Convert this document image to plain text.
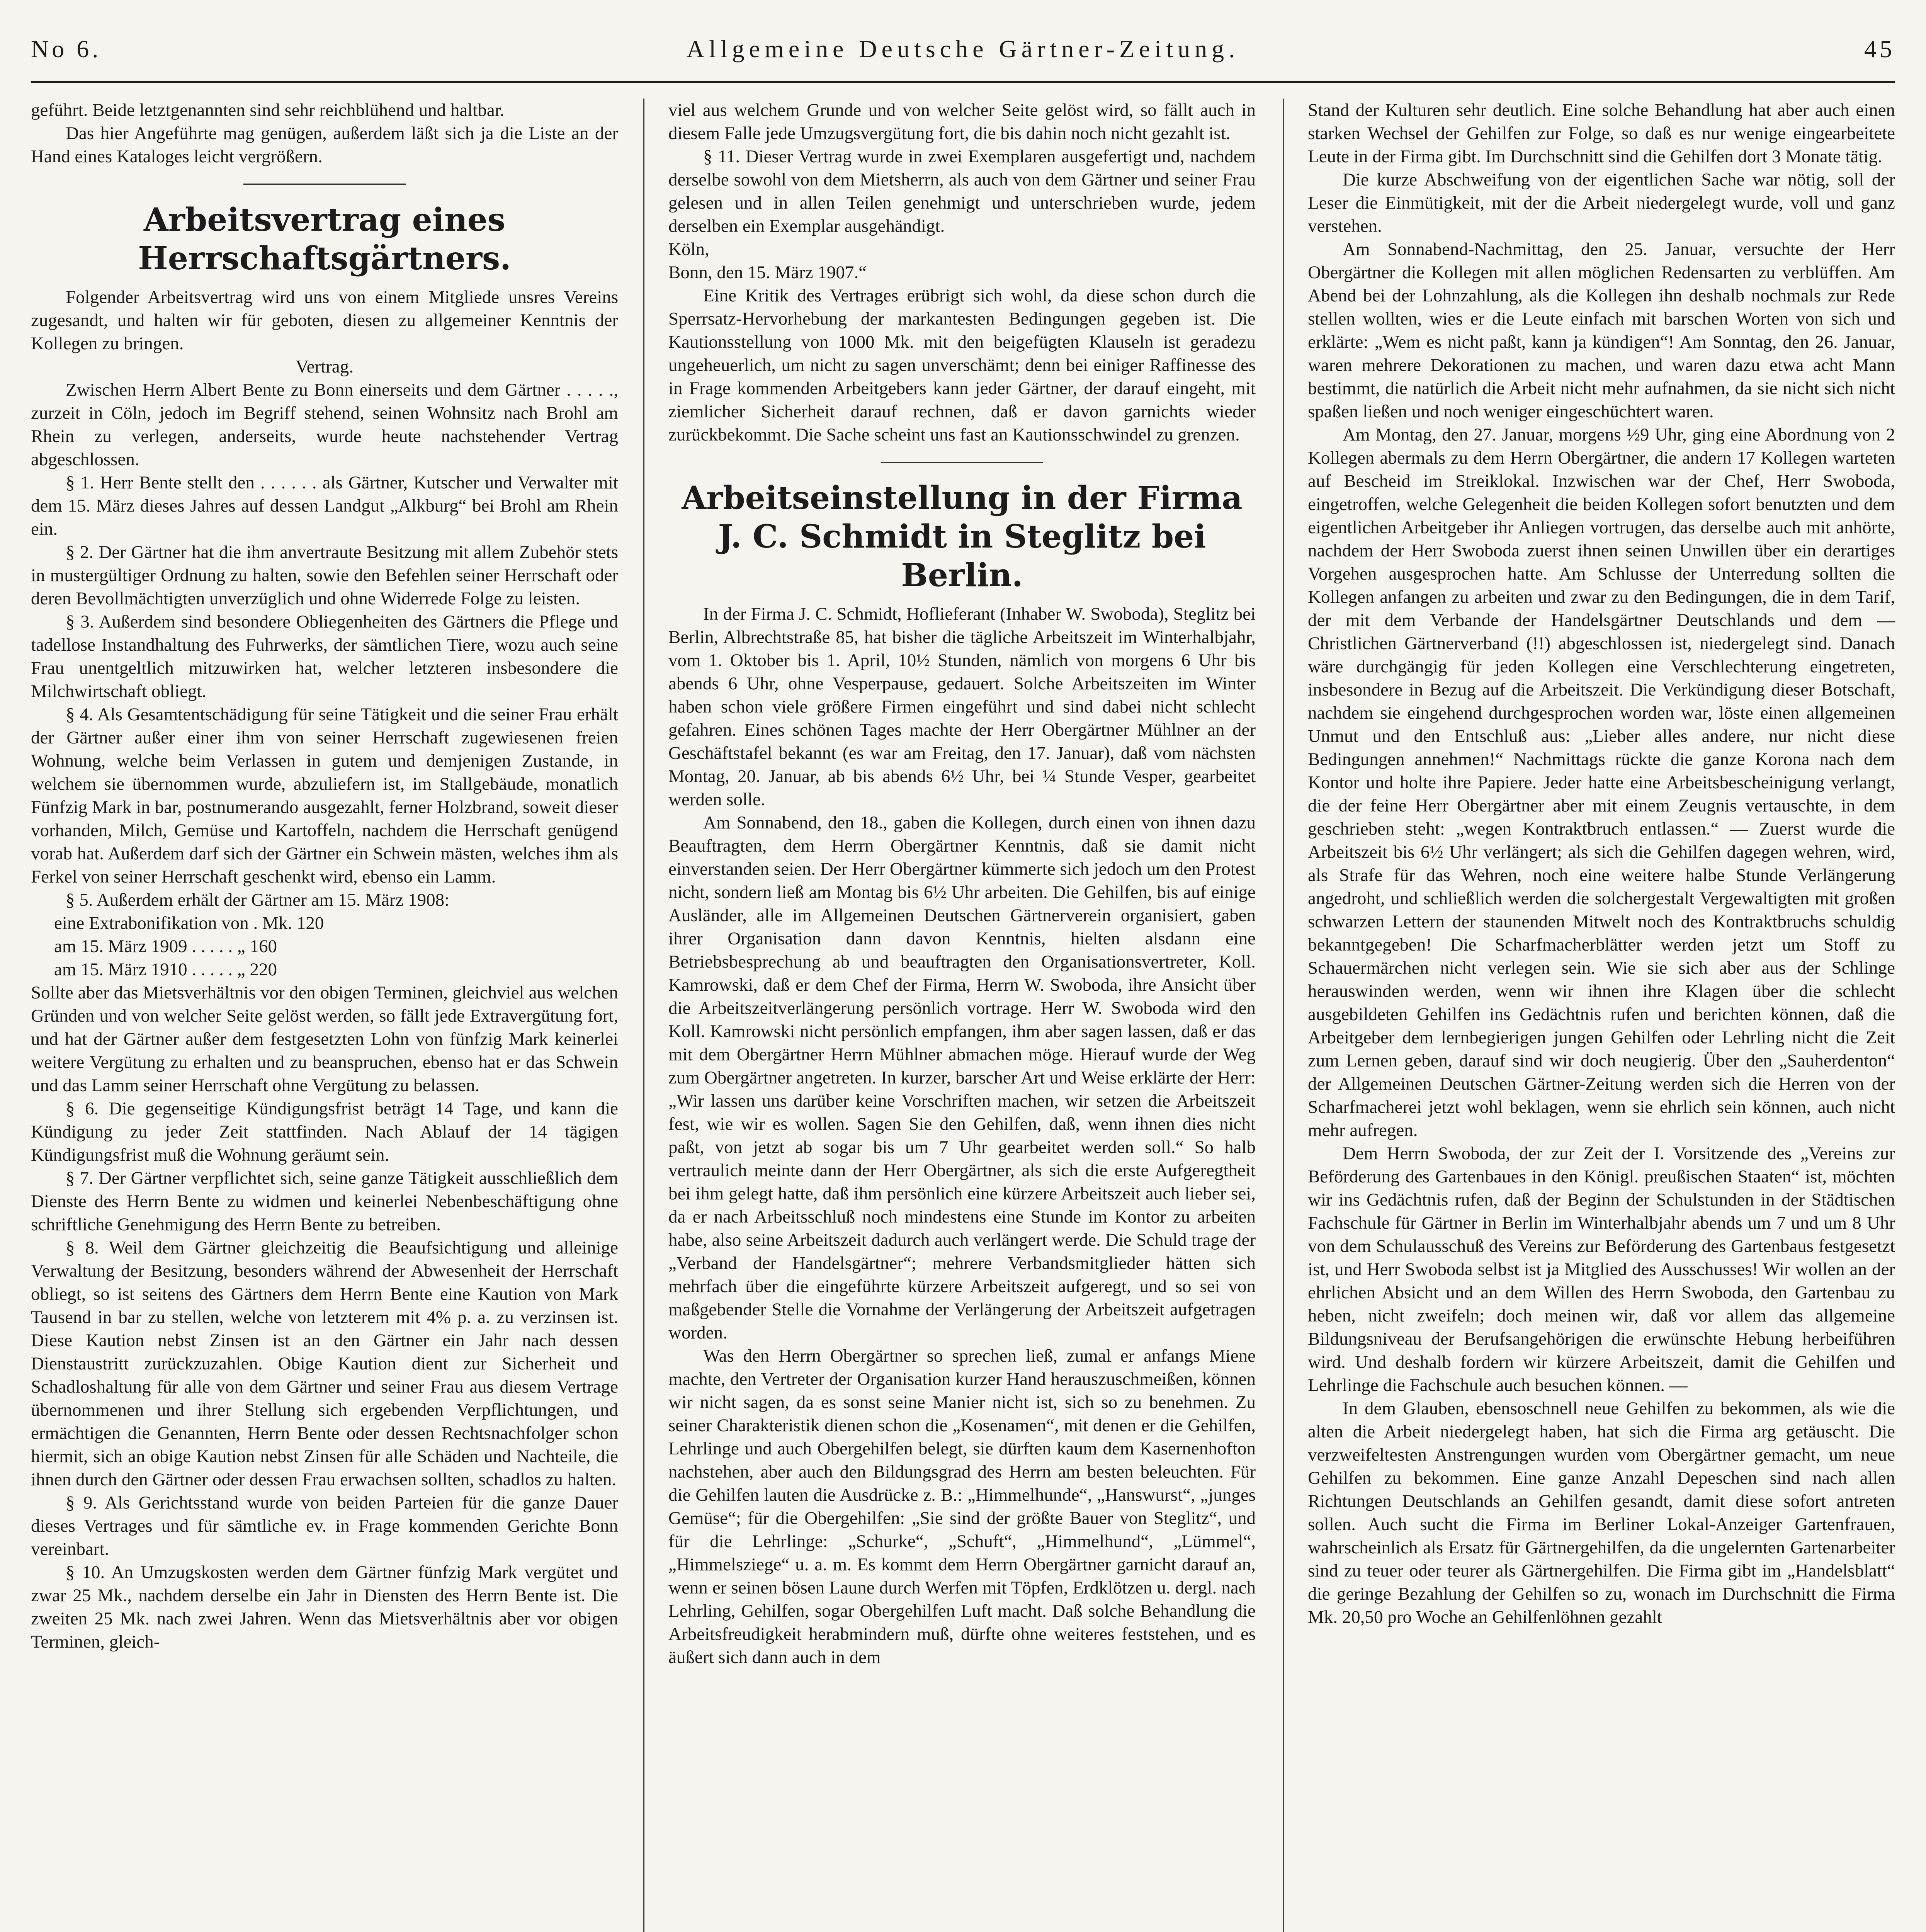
No 6.	Allgemeine Deutsche Gärtner-Zeitung.	45

geführt. Beide letztgenannten sind sehr reichblühend und haltbar.

Das hier Angeführte mag genügen, außerdem läßt sich ja die Liste an der Hand eines Kataloges leicht vergrößern.

Arbeitsvertrag eines Herrschaftsgärtners.

Folgender Arbeitsvertrag wird uns von einem Mitgliede unsres Vereins zugesandt, und halten wir für geboten, diesen zu allgemeiner Kenntnis der Kollegen zu bringen.

Vertrag.

Zwischen Herrn Albert Bente zu Bonn einerseits und dem Gärtner . . . . ., zurzeit in Cöln, jedoch im Begriff stehend, seinen Wohnsitz nach Brohl am Rhein zu verlegen, anderseits, wurde heute nachstehender Vertrag abgeschlossen.

§ 1. Herr Bente stellt den . . . . . . als Gärtner, Kutscher und Verwalter mit dem 15. März dieses Jahres auf dessen Landgut „Alkburg“ bei Brohl am Rhein ein.

§ 2. Der Gärtner hat die ihm anvertraute Besitzung mit allem Zubehör stets in mustergültiger Ordnung zu halten, sowie den Befehlen seiner Herrschaft oder deren Bevollmächtigten unverzüglich und ohne Widerrede Folge zu leisten.

§ 3. Außerdem sind besondere Obliegenheiten des Gärtners die Pflege und tadellose Instandhaltung des Fuhrwerks, der sämtlichen Tiere, wozu auch seine Frau unentgeltlich mitzuwirken hat, welcher letzteren insbesondere die Milchwirtschaft obliegt.

§ 4. Als Gesamtentschädigung für seine Tätigkeit und die seiner Frau erhält der Gärtner außer einer ihm von seiner Herrschaft zugewiesenen freien Wohnung, welche beim Verlassen in gutem und demjenigen Zustande, in welchem sie übernommen wurde, abzuliefern ist, im Stallgebäude, monatlich Fünfzig Mark in bar, postnumerando ausgezahlt, ferner Holzbrand, soweit dieser vorhanden, Milch, Gemüse und Kartoffeln, nachdem die Herrschaft genügend vorab hat. Außerdem darf sich der Gärtner ein Schwein mästen, welches ihm als Ferkel von seiner Herrschaft geschenkt wird, ebenso ein Lamm.

§ 5. Außerdem erhält der Gärtner am 15. März 1908:

eine Extrabonifikation von . Mk. 120

am 15. März 1909 . . . . . „ 160

am 15. März 1910 . . . . . „ 220

Sollte aber das Mietsverhältnis vor den obigen Terminen, gleichviel aus welchen Gründen und von welcher Seite gelöst werden, so fällt jede Extravergütung fort, und hat der Gärtner außer dem festgesetzten Lohn von fünfzig Mark keinerlei weitere Vergütung zu erhalten und zu beanspruchen, ebenso hat er das Schwein und das Lamm seiner Herrschaft ohne Vergütung zu belassen.

§ 6. Die gegenseitige Kündigungsfrist beträgt 14 Tage, und kann die Kündigung zu jeder Zeit stattfinden. Nach Ablauf der 14 tägigen Kündigungsfrist muß die Wohnung geräumt sein.

§ 7. Der Gärtner verpflichtet sich, seine ganze Tätigkeit ausschließlich dem Dienste des Herrn Bente zu widmen und keinerlei Nebenbeschäftigung ohne schriftliche Genehmigung des Herrn Bente zu betreiben.

§ 8. Weil dem Gärtner gleichzeitig die Beaufsichtigung und alleinige Verwaltung der Besitzung, besonders während der Abwesenheit der Herrschaft obliegt, so ist seitens des Gärtners dem Herrn Bente eine Kaution von Mark Tausend in bar zu stellen, welche von letzterem mit 4% p. a. zu verzinsen ist. Diese Kaution nebst Zinsen ist an den Gärtner ein Jahr nach dessen Dienstaustritt zurückzuzahlen. Obige Kaution dient zur Sicherheit und Schadloshaltung für alle von dem Gärtner und seiner Frau aus diesem Vertrage übernommenen und ihrer Stellung sich ergebenden Verpflichtungen, und ermächtigen die Genannten, Herrn Bente oder dessen Rechtsnachfolger schon hiermit, sich an obige Kaution nebst Zinsen für alle Schäden und Nachteile, die ihnen durch den Gärtner oder dessen Frau erwachsen sollten, schadlos zu halten.

§ 9. Als Gerichtsstand wurde von beiden Parteien für die ganze Dauer dieses Vertrages und für sämtliche ev. in Frage kommenden Gerichte Bonn vereinbart.

§ 10. An Umzugskosten werden dem Gärtner fünfzig Mark vergütet und zwar 25 Mk., nachdem derselbe ein Jahr in Diensten des Herrn Bente ist. Die zweiten 25 Mk. nach zwei Jahren. Wenn das Mietsverhältnis aber vor obigen Terminen, gleich-

viel aus welchem Grunde und von welcher Seite gelöst wird, so fällt auch in diesem Falle jede Umzugsvergütung fort, die bis dahin noch nicht gezahlt ist.

§ 11. Dieser Vertrag wurde in zwei Exemplaren ausgefertigt und, nachdem derselbe sowohl von dem Mietsherrn, als auch von dem Gärtner und seiner Frau gelesen und in allen Teilen genehmigt und unterschrieben wurde, jedem derselben ein Exemplar ausgehändigt.

Köln,

Bonn, den 15. März 1907.“

Eine Kritik des Vertrages erübrigt sich wohl, da diese schon durch die Sperrsatz-Hervorhebung der markantesten Bedingungen gegeben ist. Die Kautionsstellung von 1000 Mk. mit den beigefügten Klauseln ist geradezu ungeheuerlich, um nicht zu sagen unverschämt; denn bei einiger Raffinesse des in Frage kommenden Arbeitgebers kann jeder Gärtner, der darauf eingeht, mit ziemlicher Sicherheit darauf rechnen, daß er davon garnichts wieder zurückbekommt. Die Sache scheint uns fast an Kautionsschwindel zu grenzen.

Arbeitseinstellung in der Firma J. C. Schmidt in Steglitz bei Berlin.

In der Firma J. C. Schmidt, Hoflieferant (Inhaber W. Swoboda), Steglitz bei Berlin, Albrechtstraße 85, hat bisher die tägliche Arbeitszeit im Winterhalbjahr, vom 1. Oktober bis 1. April, 10½ Stunden, nämlich von morgens 6 Uhr bis abends 6 Uhr, ohne Vesperpause, gedauert. Solche Arbeitszeiten im Winter haben schon viele größere Firmen eingeführt und sind dabei nicht schlecht gefahren. Eines schönen Tages machte der Herr Obergärtner Mühlner an der Geschäftstafel bekannt (es war am Freitag, den 17. Januar), daß vom nächsten Montag, 20. Januar, ab bis abends 6½ Uhr, bei ¼ Stunde Vesper, gearbeitet werden solle.

Am Sonnabend, den 18., gaben die Kollegen, durch einen von ihnen dazu Beauftragten, dem Herrn Obergärtner Kenntnis, daß sie damit nicht einverstanden seien. Der Herr Obergärtner kümmerte sich jedoch um den Protest nicht, sondern ließ am Montag bis 6½ Uhr arbeiten. Die Gehilfen, bis auf einige Ausländer, alle im Allgemeinen Deutschen Gärtnerverein organisiert, gaben ihrer Organisation dann davon Kenntnis, hielten alsdann eine Betriebsbesprechung ab und beauftragten den Organisationsvertreter, Koll. Kamrowski, daß er dem Chef der Firma, Herrn W. Swoboda, ihre Ansicht über die Arbeitszeitverlängerung persönlich vortrage. Herr W. Swoboda wird den Koll. Kamrowski nicht persönlich empfangen, ihm aber sagen lassen, daß er das mit dem Obergärtner Herrn Mühlner abmachen möge. Hierauf wurde der Weg zum Obergärtner angetreten. In kurzer, barscher Art und Weise erklärte der Herr: „Wir lassen uns darüber keine Vorschriften machen, wir setzen die Arbeitszeit fest, wie wir es wollen. Sagen Sie den Gehilfen, daß, wenn ihnen dies nicht paßt, von jetzt ab sogar bis um 7 Uhr gearbeitet werden soll.“ So halb vertraulich meinte dann der Herr Obergärtner, als sich die erste Aufgeregtheit bei ihm gelegt hatte, daß ihm persönlich eine kürzere Arbeitszeit auch lieber sei, da er nach Arbeitsschluß noch mindestens eine Stunde im Kontor zu arbeiten habe, also seine Arbeitszeit dadurch auch verlängert werde. Die Schuld trage der „Verband der Handelsgärtner“; mehrere Verbandsmitglieder hätten sich mehrfach über die eingeführte kürzere Arbeitszeit aufgeregt, und so sei von maßgebender Stelle die Vornahme der Verlängerung der Arbeitszeit aufgetragen worden.

Was den Herrn Obergärtner so sprechen ließ, zumal er anfangs Miene machte, den Vertreter der Organisation kurzer Hand herauszuschmeißen, können wir nicht sagen, da es sonst seine Manier nicht ist, sich so zu benehmen. Zu seiner Charakteristik dienen schon die „Kosenamen“, mit denen er die Gehilfen, Lehrlinge und auch Obergehilfen belegt, sie dürften kaum dem Kasernenhofton nachstehen, aber auch den Bildungsgrad des Herrn am besten beleuchten. Für die Gehilfen lauten die Ausdrücke z. B.: „Himmelhunde“, „Hanswurst“, „junges Gemüse“; für die Obergehilfen: „Sie sind der größte Bauer von Steglitz“, und für die Lehrlinge: „Schurke“, „Schuft“, „Himmelhund“, „Lümmel“, „Himmelsziege“ u. a. m. Es kommt dem Herrn Obergärtner garnicht darauf an, wenn er seinen bösen Laune durch Werfen mit Töpfen, Erdklötzen u. dergl. nach Lehrling, Gehilfen, sogar Obergehilfen Luft macht. Daß solche Behandlung die Arbeitsfreudigkeit herabmindern muß, dürfte ohne weiteres feststehen, und es äußert sich dann auch in dem

Stand der Kulturen sehr deutlich. Eine solche Behandlung hat aber auch einen starken Wechsel der Gehilfen zur Folge, so daß es nur wenige eingearbeitete Leute in der Firma gibt. Im Durchschnitt sind die Gehilfen dort 3 Monate tätig.

Die kurze Abschweifung von der eigentlichen Sache war nötig, soll der Leser die Einmütigkeit, mit der die Arbeit niedergelegt wurde, voll und ganz verstehen.

Am Sonnabend-Nachmittag, den 25. Januar, versuchte der Herr Obergärtner die Kollegen mit allen möglichen Redensarten zu verblüffen. Am Abend bei der Lohnzahlung, als die Kollegen ihn deshalb nochmals zur Rede stellen wollten, wies er die Leute einfach mit barschen Worten von sich und erklärte: „Wem es nicht paßt, kann ja kündigen“! Am Sonntag, den 26. Januar, waren mehrere Dekorationen zu machen, und waren dazu etwa acht Mann bestimmt, die natürlich die Arbeit nicht mehr aufnahmen, da sie nicht sich nicht spaßen ließen und noch weniger eingeschüchtert waren.

Am Montag, den 27. Januar, morgens ½9 Uhr, ging eine Abordnung von 2 Kollegen abermals zu dem Herrn Obergärtner, die andern 17 Kollegen warteten auf Bescheid im Streiklokal. Inzwischen war der Chef, Herr Swoboda, eingetroffen, welche Gelegenheit die beiden Kollegen sofort benutzten und dem eigentlichen Arbeitgeber ihr Anliegen vortrugen, das derselbe auch mit anhörte, nachdem der Herr Swoboda zuerst ihnen seinen Unwillen über ein derartiges Vorgehen ausgesprochen hatte. Am Schlusse der Unterredung sollten die Kollegen anfangen zu arbeiten und zwar zu den Bedingungen, die in dem Tarif, der mit dem Verbande der Handelsgärtner Deutschlands und dem — Christlichen Gärtnerverband (!!) abgeschlossen ist, niedergelegt sind. Danach wäre durchgängig für jeden Kollegen eine Verschlechterung eingetreten, insbesondere in Bezug auf die Arbeitszeit. Die Verkündigung dieser Botschaft, nachdem sie eingehend durchgesprochen worden war, löste einen allgemeinen Unmut und den Entschluß aus: „Lieber alles andere, nur nicht diese Bedingungen annehmen!“ Nachmittags rückte die ganze Korona nach dem Kontor und holte ihre Papiere. Jeder hatte eine Arbeitsbescheinigung verlangt, die der feine Herr Obergärtner aber mit einem Zeugnis vertauschte, in dem geschrieben steht: „wegen Kontraktbruch entlassen.“ — Zuerst wurde die Arbeitszeit bis 6½ Uhr verlängert; als sich die Gehilfen dagegen wehren, wird, als Strafe für das Wehren, noch eine weitere halbe Stunde Verlängerung angedroht, und schließlich werden die solchergestalt Vergewaltigten mit großen schwarzen Lettern der staunenden Mitwelt noch des Kontraktbruchs schuldig bekanntgegeben! Die Scharfmacherblätter werden jetzt um Stoff zu Schauermärchen nicht verlegen sein. Wie sie sich aber aus der Schlinge herauswinden werden, wenn wir ihnen ihre Klagen über die schlecht ausgebildeten Gehilfen ins Gedächtnis rufen und berichten können, daß die Arbeitgeber dem lernbegierigen jungen Gehilfen oder Lehrling nicht die Zeit zum Lernen geben, darauf sind wir doch neugierig. Über den „Sauherdenton“ der Allgemeinen Deutschen Gärtner-Zeitung werden sich die Herren von der Scharfmacherei jetzt wohl beklagen, wenn sie ehrlich sein können, auch nicht mehr aufregen.

Dem Herrn Swoboda, der zur Zeit der I. Vorsitzende des „Vereins zur Beförderung des Gartenbaues in den Königl. preußischen Staaten“ ist, möchten wir ins Gedächtnis rufen, daß der Beginn der Schulstunden in der Städtischen Fachschule für Gärtner in Berlin im Winterhalbjahr abends um 7 und um 8 Uhr von dem Schulausschuß des Vereins zur Beförderung des Gartenbaus festgesetzt ist, und Herr Swoboda selbst ist ja Mitglied des Ausschusses! Wir wollen an der ehrlichen Absicht und an dem Willen des Herrn Swoboda, den Gartenbau zu heben, nicht zweifeln; doch meinen wir, daß vor allem das allgemeine Bildungsniveau der Berufsangehörigen die erwünschte Hebung herbeiführen wird. Und deshalb fordern wir kürzere Arbeitszeit, damit die Gehilfen und Lehrlinge die Fachschule auch besuchen können. —

In dem Glauben, ebensoschnell neue Gehilfen zu bekommen, als wie die alten die Arbeit niedergelegt haben, hat sich die Firma arg getäuscht. Die verzweifeltesten Anstrengungen wurden vom Obergärtner gemacht, um neue Gehilfen zu bekommen. Eine ganze Anzahl Depeschen sind nach allen Richtungen Deutschlands an Gehilfen gesandt, damit diese sofort antreten sollen. Auch sucht die Firma im Berliner Lokal-Anzeiger Gartenfrauen, wahrscheinlich als Ersatz für Gärtnergehilfen, da die ungelernten Gartenarbeiter sind zu teuer oder teurer als Gärtnergehilfen. Die Firma gibt im „Handelsblatt“ die geringe Bezahlung der Gehilfen so zu, wonach im Durchschnitt die Firma Mk. 20,50 pro Woche an Gehilfenlöhnen gezahlt
